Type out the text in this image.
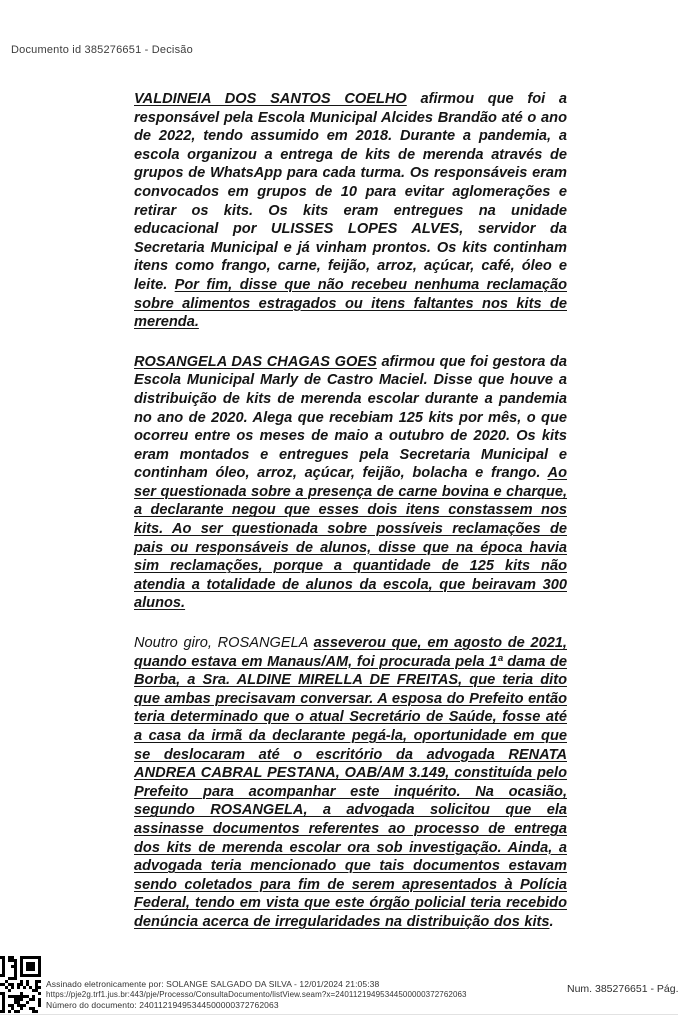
Documento id 385276651 - Decisão

VALDINEIA DOS SANTOS COELHO afirmou que foi a responsável pela Escola Municipal Alcides Brandão até o ano de 2022, tendo assumido em 2018. Durante a pandemia, a escola organizou a entrega de kits de merenda através de grupos de WhatsApp para cada turma. Os responsáveis eram convocados em grupos de 10 para evitar aglomerações e retirar os kits. Os kits eram entregues na unidade educacional por ULISSES LOPES ALVES, servidor da Secretaria Municipal e já vinham prontos. Os kits continham itens como frango, carne, feijão, arroz, açúcar, café, óleo e leite. Por fim, disse que não recebeu nenhuma reclamação sobre alimentos estragados ou itens faltantes nos kits de merenda.

ROSANGELA DAS CHAGAS GOES afirmou que foi gestora da Escola Municipal Marly de Castro Maciel. Disse que houve a distribuição de kits de merenda escolar durante a pandemia no ano de 2020. Alega que recebiam 125 kits por mês, o que ocorreu entre os meses de maio a outubro de 2020. Os kits eram montados e entregues pela Secretaria Municipal e continham óleo, arroz, açúcar, feijão, bolacha e frango. Ao ser questionada sobre a presença de carne bovina e charque, a declarante negou que esses dois itens constassem nos kits. Ao ser questionada sobre possíveis reclamações de pais ou responsáveis de alunos, disse que na época havia sim reclamações, porque a quantidade de 125 kits não atendia a totalidade de alunos da escola, que beiravam 300 alunos.

Noutro giro, ROSANGELA asseverou que, em agosto de 2021, quando estava em Manaus/AM, foi procurada pela 1ª dama de Borba, a Sra. ALDINE MIRELLA DE FREITAS, que teria dito que ambas precisavam conversar. A esposa do Prefeito então teria determinado que o atual Secretário de Saúde, fosse até a casa da irmã da declarante pegá-la, oportunidade em que se deslocaram até o escritório da advogada RENATA ANDREA CABRAL PESTANA, OAB/AM 3.149, constituída pelo Prefeito para acompanhar este inquérito. Na ocasião, segundo ROSANGELA, a advogada solicitou que ela assinasse documentos referentes ao processo de entrega dos kits de merenda escolar ora sob investigação. Ainda, a advogada teria mencionado que tais documentos estavam sendo coletados para fim de serem apresentados à Polícia Federal, tendo em vista que este órgão policial teria recebido denúncia acerca de irregularidades na distribuição dos kits.

Assinado eletronicamente por: SOLANGE SALGADO DA SILVA - 12/01/2024 21:05:38
https://pje2g.trf1.jus.br:443/pje/Processo/ConsultaDocumento/listView.seam?x=24011219495344500000372762063
Número do documento: 24011219495344500000372762063
Num. 385276651 - Pág.
